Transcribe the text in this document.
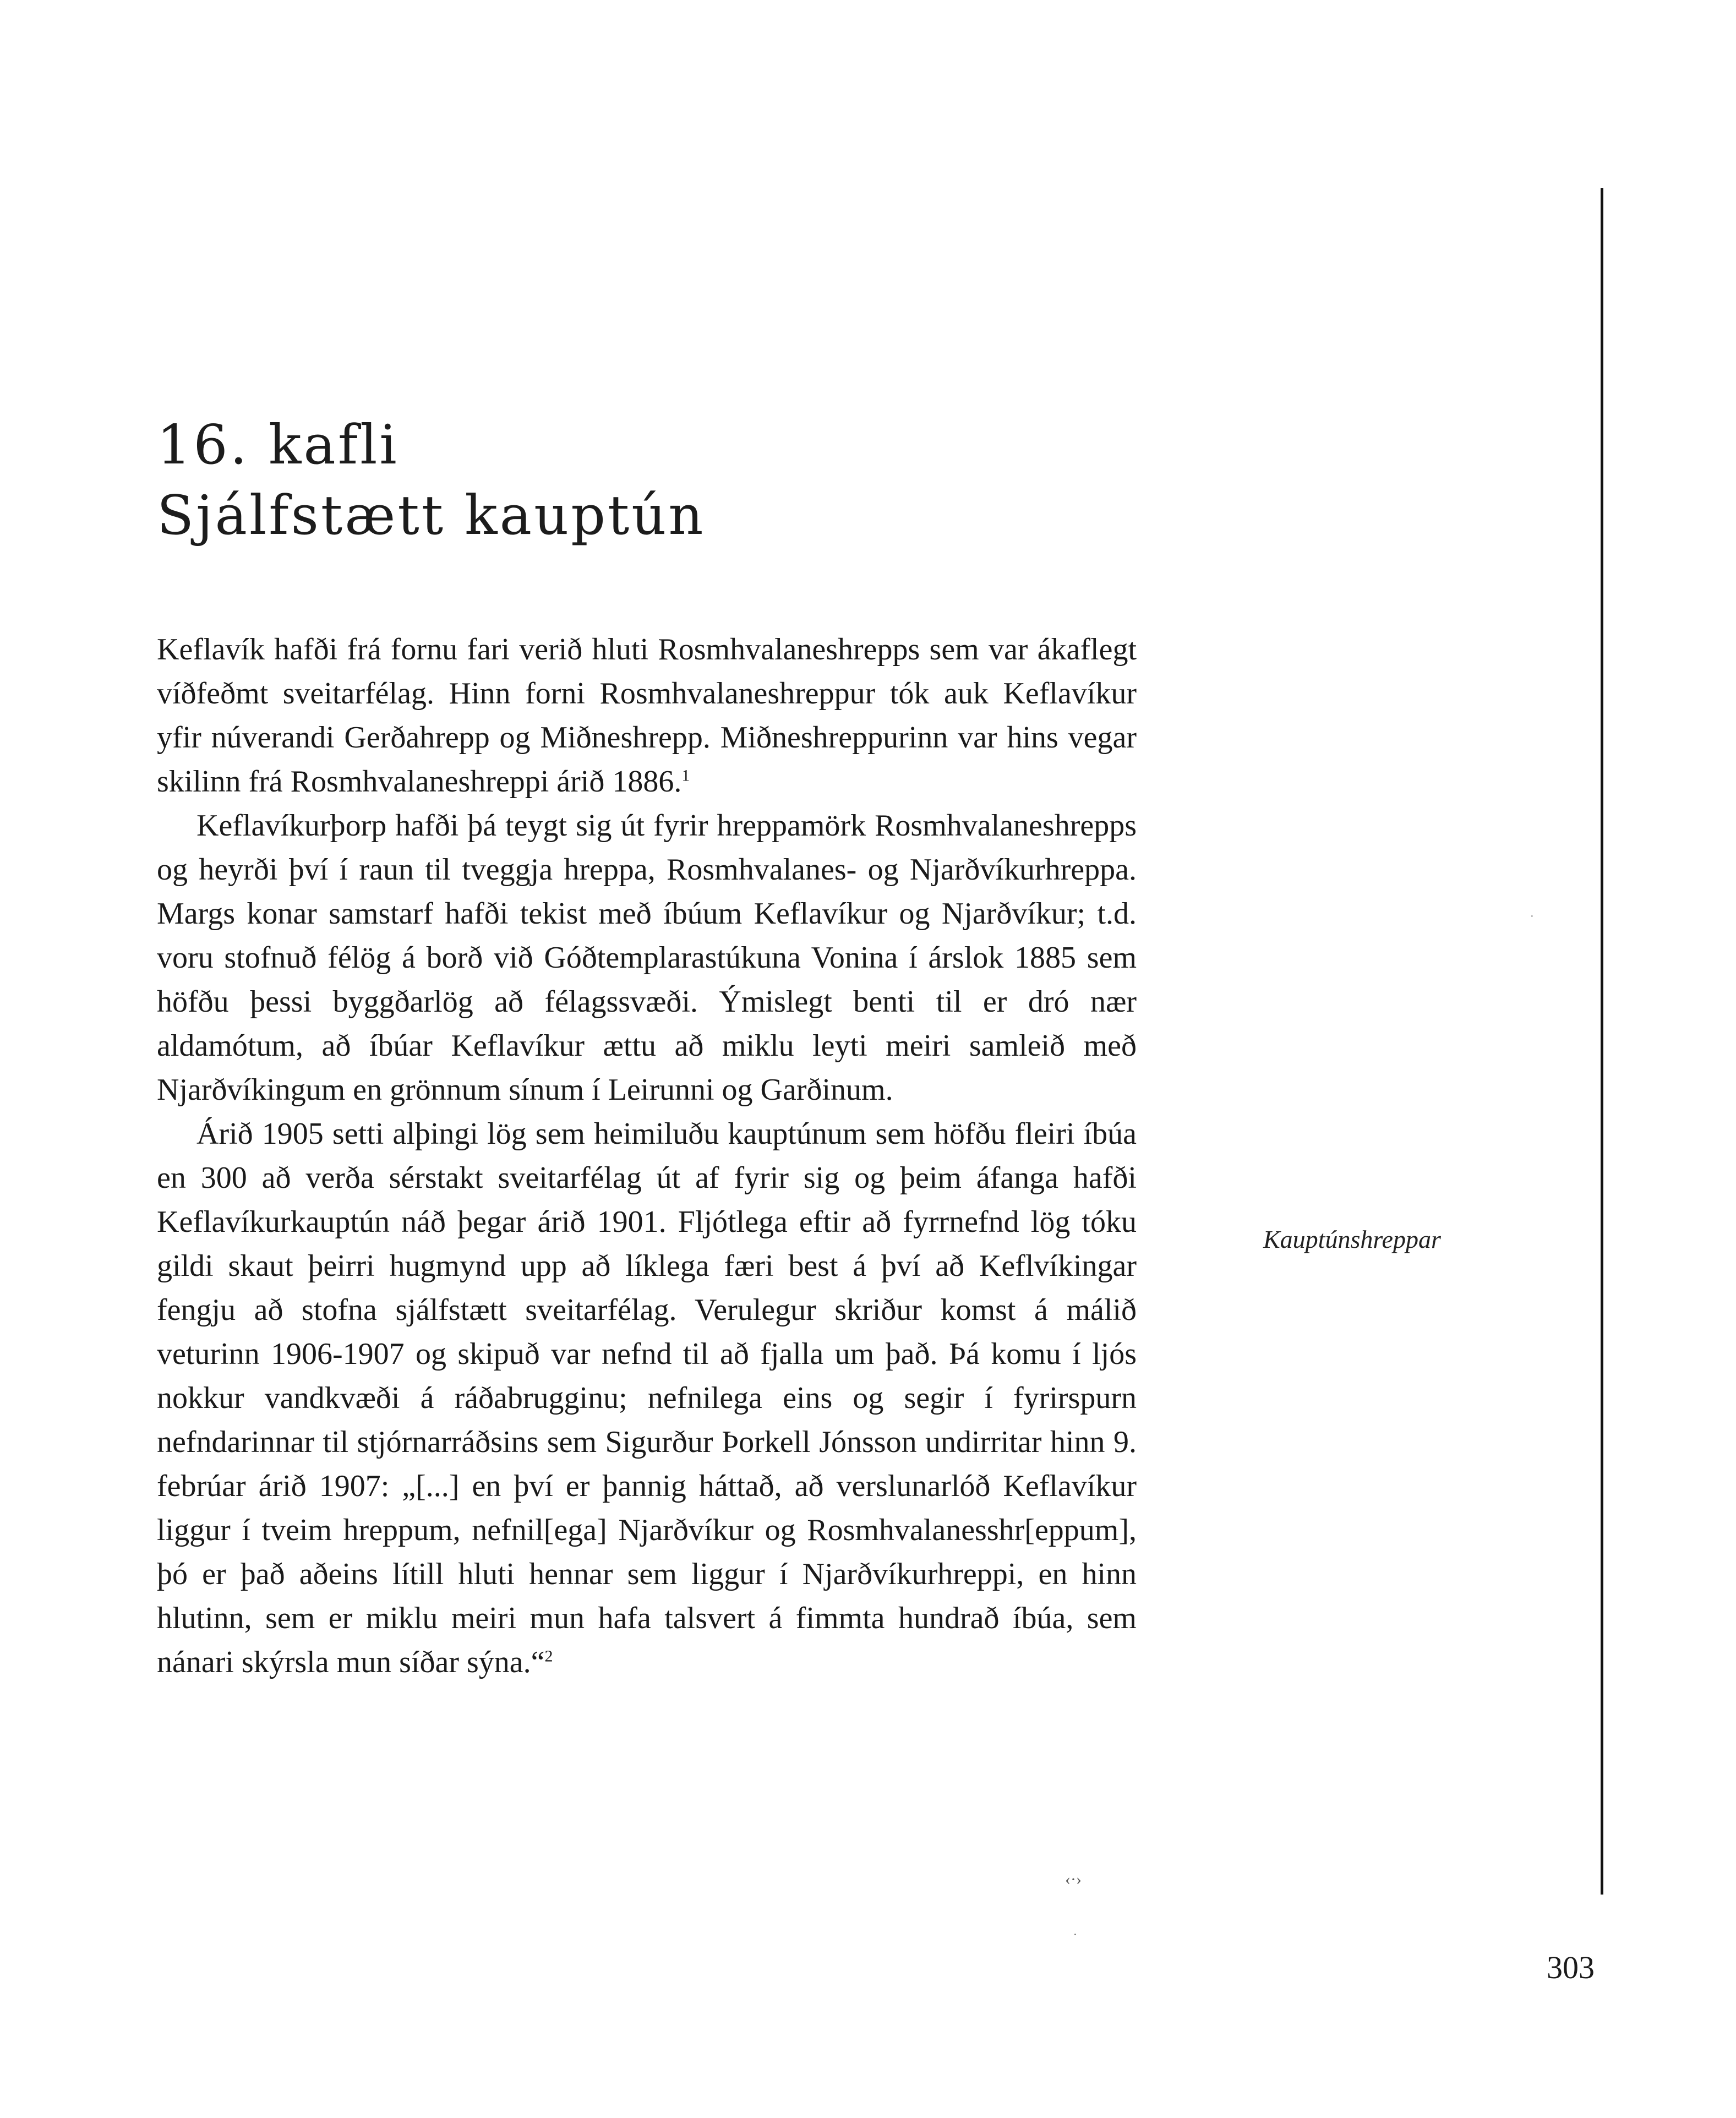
16. kafli
Sjálfstætt kauptún

Keflavík hafði frá fornu fari verið hluti Rosmhvalaneshrepps sem var ákaflegt víðfeðmt sveitarfélag. Hinn forni Rosmhvalaneshreppur tók auk Keflavíkur yfir núverandi Gerðahrepp og Miðneshrepp. Miðneshreppurinn var hins vegar skilinn frá Rosmhvalaneshreppi árið 1886.$^1$

Keflavíkurþorp hafði þá teygt sig út fyrir hreppamörk Rosmhvalaneshrepps og heyrði því í raun til tveggja hreppa, Rosmhvalanes- og Njarðvíkurhreppa. Margs konar samstarf hafði tekist með íbúum Keflavíkur og Njarðvíkur; t.d. voru stofnuð félög á borð við Góðtemplarastúkuna Vonina í árslok 1885 sem höfðu þessi byggðarlög að félagssvæði. Ýmislegt benti til er dró nær aldamótum, að íbúar Keflavíkur ættu að miklu leyti meiri samleið með Njarðvíkingum en grönnum sínum í Leirunni og Garðinum.

Árið 1905 setti alþingi lög sem heimiluðu kauptúnum sem höfðu fleiri íbúa en 300 að verða sérstakt sveitarfélag út af fyrir sig og þeim áfanga hafði Keflavíkurkauptún náð þegar árið 1901. Fljótlega eftir að fyrrnefnd lög tóku gildi skaut þeirri hugmynd upp að líklega færi best á því að Keflvíkingar fengju að stofna sjálfstætt sveitarfélag. Verulegur skriður komst á málið veturinn 1906-1907 og skipuð var nefnd til að fjalla um það. Þá komu í ljós nokkur vandkvæði á ráðabrugginu; nefnilega eins og segir í fyrirspurn nefndarinnar til stjórnarráðsins sem Sigurður Þorkell Jónsson undirritar hinn 9. febrúar árið 1907: „[...] en því er þannig háttað, að verslunarlóð Keflavíkur liggur í tveim hreppum, nefnil[ega] Njarðvíkur og Rosmhvalanesshr[eppum], þó er það aðeins lítill hluti hennar sem liggur í Njarðvíkurhreppi, en hinn hlutinn, sem er miklu meiri mun hafa talsvert á fimmta hundrað íbúa, sem nánari skýrsla mun síðar sýna.“$^2$

Kauptúnshreppar
303
‹·›
·
·
